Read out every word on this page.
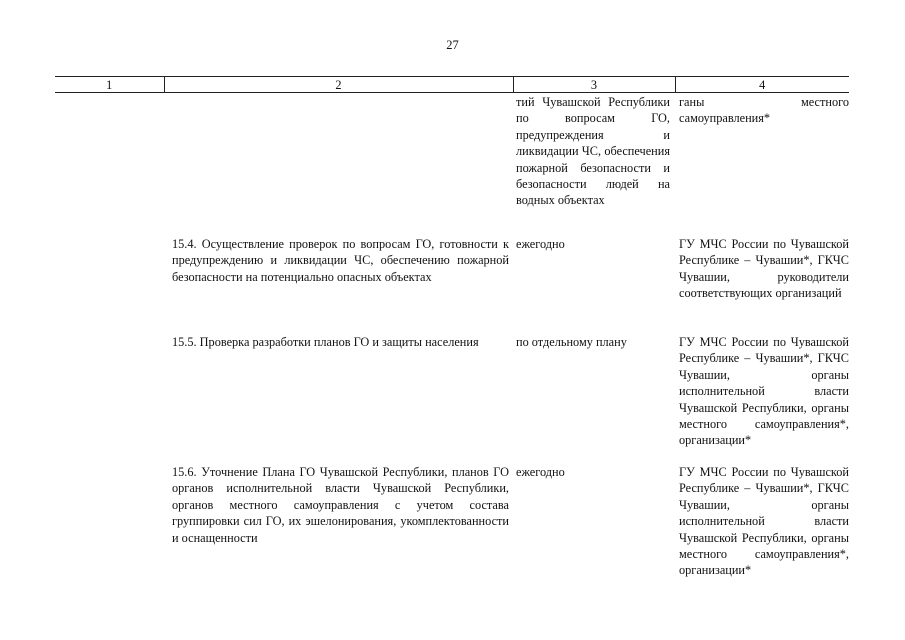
27
1	2	3	4
		тий Чувашской Республики по вопросам ГО, предупреждения и ликвидации ЧС, обеспечения пожарной безопасности и безопасности людей на водных объектах	ганы местного самоуправления*
	15.4. Осуществление проверок по вопросам ГО, готовности к предупреждению и ликвидации ЧС, обеспечению пожарной безопасности на потенциально опасных объектах	ежегодно	ГУ МЧС России по Чувашской Республике – Чувашии*, ГКЧС Чувашии, руководители соответствующих организаций
	15.5. Проверка разработки планов ГО и защиты населения	по отдельному плану	ГУ МЧС России по Чувашской Республике – Чувашии*, ГКЧС Чувашии, органы исполнительной власти Чувашской Республики, органы местного самоуправления*, организации*
	15.6. Уточнение Плана ГО Чувашской Республики, планов ГО органов исполнительной власти Чувашской Республики, органов местного самоуправления с учетом состава группировки сил ГО, их эшелонирования, укомплектованности и оснащенности	ежегодно	ГУ МЧС России по Чувашской Республике – Чувашии*, ГКЧС Чувашии, органы исполнительной власти Чувашской Республики, органы местного самоуправления*, организации*
